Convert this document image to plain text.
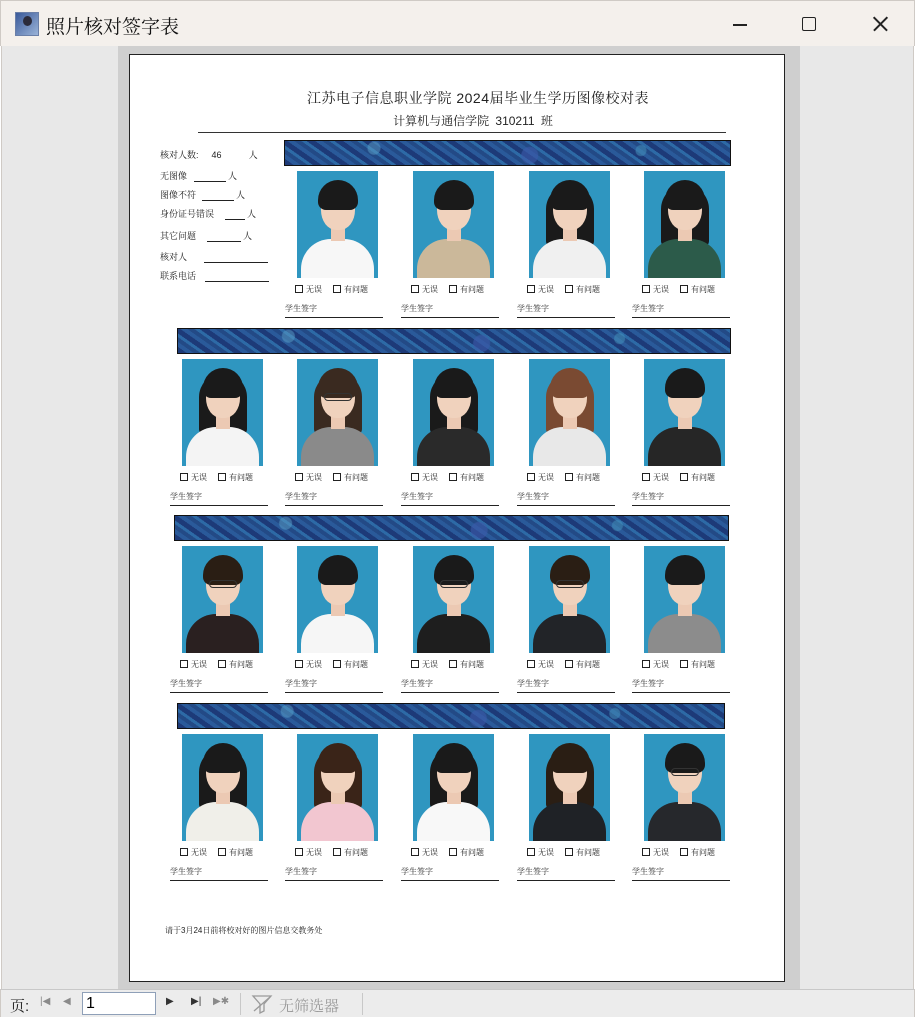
照片核对签字表
江苏电子信息职业学院 2024届毕业生学历图像校对表
计算机与通信学院 310211 班
核对人数: 46	人
无图像	人
图像不符	人
身份证号错误	人
其它问题	人
核对人
联系电话
无误	有问题
学生签字
无误	有问题
学生签字
无误	有问题
学生签字
无误	有问题
学生签字
无误	有问题
学生签字
无误	有问题
学生签字
无误	有问题
学生签字
无误	有问题
学生签字
无误	有问题
学生签字
无误	有问题
学生签字
无误	有问题
学生签字
无误	有问题
学生签字
无误	有问题
学生签字
无误	有问题
学生签字
无误	有问题
学生签字
无误	有问题
学生签字
无误	有问题
学生签字
无误	有问题
学生签字
无误	有问题
学生签字
请于3月24日前将校对好的图片信息交教务处
页: |◀ ◀
1	▶ ▶| ▶✱	无筛选器
